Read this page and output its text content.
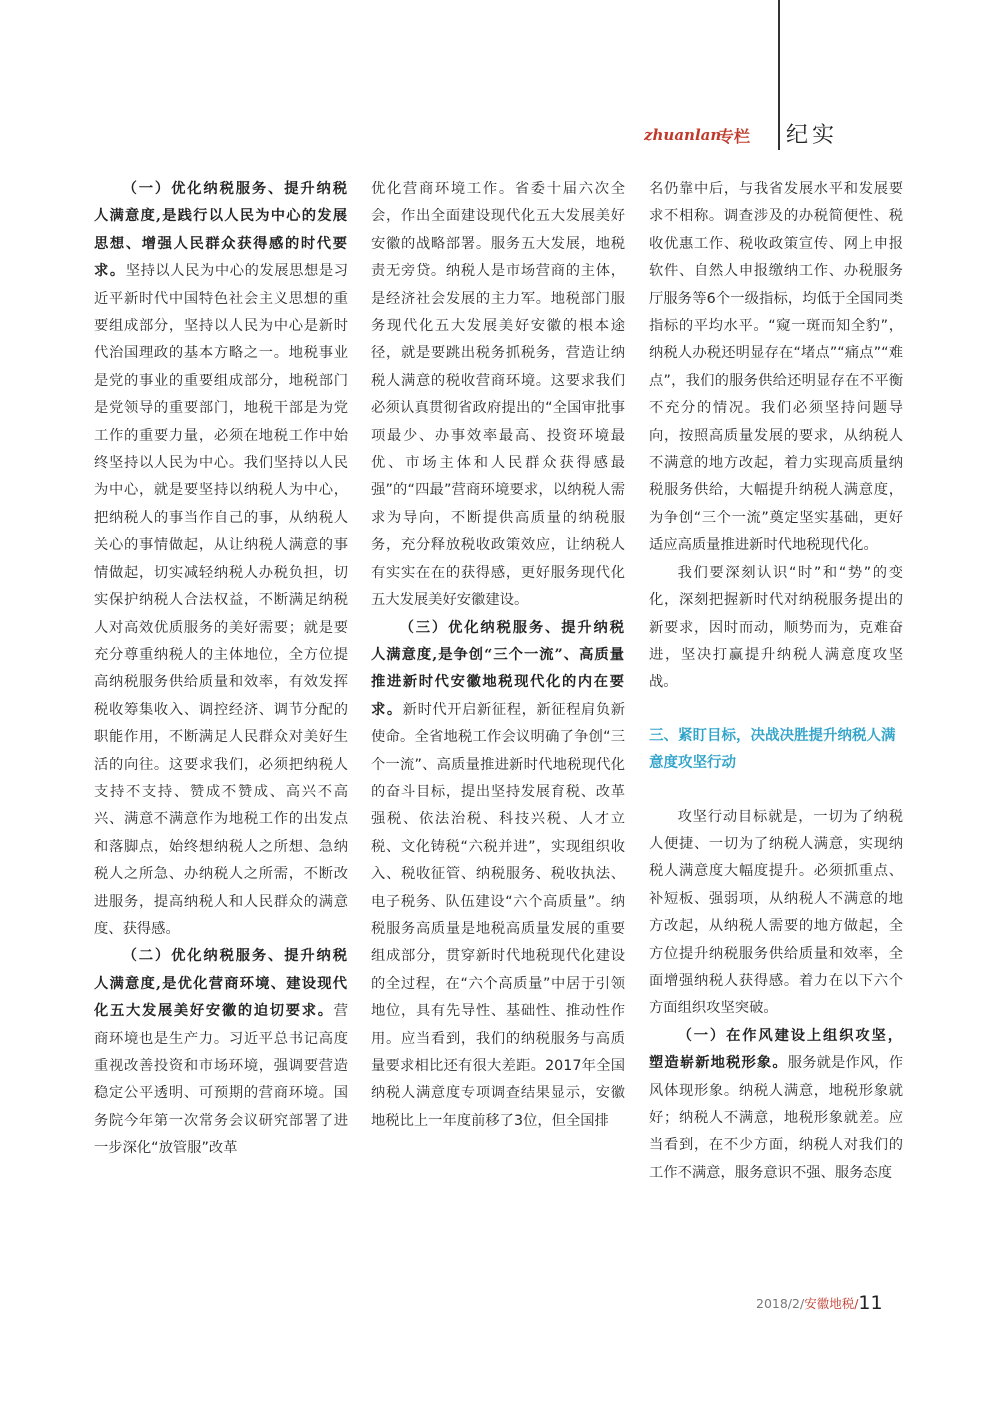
zhuanlan
专栏 纪实

（一）优化纳税服务、提升纳税人满意度,是践行以人民为中心的发展思想、增强人民群众获得感的时代要求。坚持以人民为中心的发展思想是习近平新时代中国特色社会主义思想的重要组成部分，坚持以人民为中心是新时代治国理政的基本方略之一。地税事业是党的事业的重要组成部分，地税部门是党领导的重要部门，地税干部是为党工作的重要力量，必须在地税工作中始终坚持以人民为中心。我们坚持以人民为中心，就是要坚持以纳税人为中心，把纳税人的事当作自己的事，从纳税人关心的事情做起，从让纳税人满意的事情做起，切实减轻纳税人办税负担，切实保护纳税人合法权益，不断满足纳税人对高效优质服务的美好需要；就是要充分尊重纳税人的主体地位，全方位提高纳税服务供给质量和效率，有效发挥税收筹集收入、调控经济、调节分配的职能作用，不断满足人民群众对美好生活的向往。这要求我们，必须把纳税人支持不支持、赞成不赞成、高兴不高兴、满意不满意作为地税工作的出发点和落脚点，始终想纳税人之所想、急纳税人之所急、办纳税人之所需，不断改进服务，提高纳税人和人民群众的满意度、获得感。

（二）优化纳税服务、提升纳税人满意度,是优化营商环境、建设现代化五大发展美好安徽的迫切要求。营商环境也是生产力。习近平总书记高度重视改善投资和市场环境，强调要营造稳定公平透明、可预期的营商环境。国务院今年第一次常务会议研究部署了进一步深化“放管服”改革

优化营商环境工作。省委十届六次全会，作出全面建设现代化五大发展美好安徽的战略部署。服务五大发展，地税责无旁贷。纳税人是市场营商的主体，是经济社会发展的主力军。地税部门服务现代化五大发展美好安徽的根本途径，就是要跳出税务抓税务，营造让纳税人满意的税收营商环境。这要求我们必须认真贯彻省政府提出的“全国审批事项最少、办事效率最高、投资环境最优、市场主体和人民群众获得感最强”的“四最”营商环境要求，以纳税人需求为导向，不断提供高质量的纳税服务，充分释放税收政策效应，让纳税人有实实在在的获得感，更好服务现代化五大发展美好安徽建设。

（三）优化纳税服务、提升纳税人满意度,是争创“三个一流”、高质量推进新时代安徽地税现代化的内在要求。新时代开启新征程，新征程肩负新使命。全省地税工作会议明确了争创“三个一流”、高质量推进新时代地税现代化的奋斗目标，提出坚持发展育税、改革强税、依法治税、科技兴税、人才立税、文化铸税“六税并进”，实现组织收入、税收征管、纳税服务、税收执法、电子税务、队伍建设“六个高质量”。纳税服务高质量是地税高质量发展的重要组成部分，贯穿新时代地税现代化建设的全过程，在“六个高质量”中居于引领地位，具有先导性、基础性、推动性作用。应当看到，我们的纳税服务与高质量要求相比还有很大差距。2017年全国纳税人满意度专项调查结果显示，安徽地税比上一年度前移了3位，但全国排

名仍靠中后，与我省发展水平和发展要求不相称。调查涉及的办税简便性、税收优惠工作、税收政策宣传、网上申报软件、自然人申报缴纳工作、办税服务厅服务等6个一级指标，均低于全国同类指标的平均水平。“窥一斑而知全豹”，纳税人办税还明显存在“堵点”“痛点”“难点”，我们的服务供给还明显存在不平衡不充分的情况。我们必须坚持问题导向，按照高质量发展的要求，从纳税人不满意的地方改起，着力实现高质量纳税服务供给，大幅提升纳税人满意度，为争创“三个一流”奠定坚实基础，更好适应高质量推进新时代地税现代化。

我们要深刻认识“时”和“势”的变化，深刻把握新时代对纳税服务提出的新要求，因时而动，顺势而为，克难奋进，坚决打赢提升纳税人满意度攻坚战。

三、紧盯目标，决战决胜提升纳税人满意度攻坚行动

攻坚行动目标就是，一切为了纳税人便捷、一切为了纳税人满意，实现纳税人满意度大幅度提升。必须抓重点、补短板、强弱项，从纳税人不满意的地方改起，从纳税人需要的地方做起，全方位提升纳税服务供给质量和效率，全面增强纳税人获得感。着力在以下六个方面组织攻坚突破。

（一）在作风建设上组织攻坚，塑造崭新地税形象。服务就是作风，作风体现形象。纳税人满意，地税形象就好；纳税人不满意，地税形象就差。应当看到，在不少方面，纳税人对我们的工作不满意，服务意识不强、服务态度

2018/2/安徽地税/11
